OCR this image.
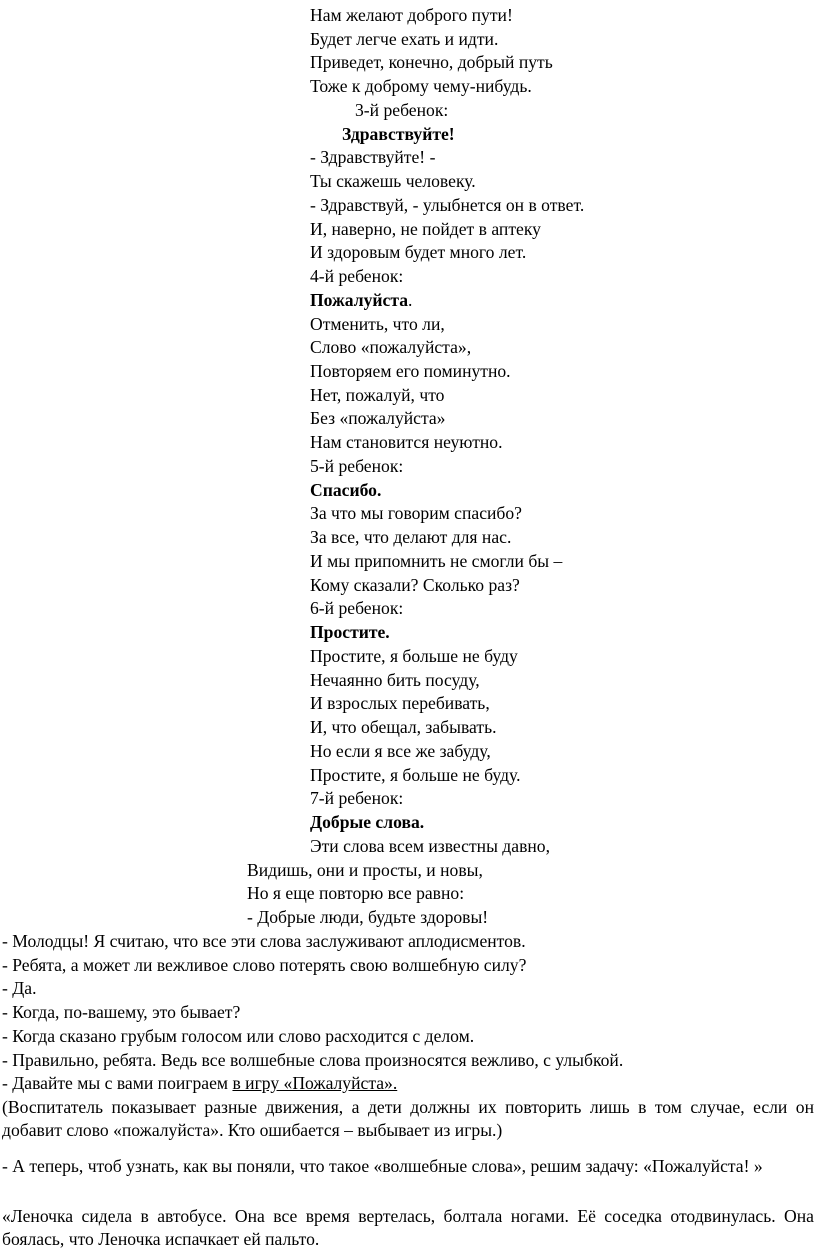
Нам желают доброго пути!

Будет легче ехать и идти.

Приведет, конечно, добрый путь

Тоже к доброму чему-нибудь.

3-й ребенок:

Здравствуйте!

- Здравствуйте! -

Ты скажешь человеку.

- Здравствуй, - улыбнется он в ответ.

И, наверно, не пойдет в аптеку

И здоровым будет много лет.

4-й ребенок:

Пожалуйста.

Отменить, что ли,

Слово «пожалуйста»,

Повторяем его поминутно.

Нет, пожалуй, что

Без «пожалуйста»

Нам становится неуютно.

5-й ребенок:

Спасибо.

За что мы говорим спасибо?

За все, что делают для нас.

И мы припомнить не смогли бы –

Кому сказали? Сколько раз?

6-й ребенок:

Простите.

Простите, я больше не буду

Нечаянно бить посуду,

И взрослых перебивать,

И, что обещал, забывать.

Но если я все же забуду,

Простите, я больше не буду.

7-й ребенок:

Добрые слова.

Эти слова всем известны давно,

Видишь, они и просты, и новы,

Но я еще повторю все равно:

- Добрые люди, будьте здоровы!

- Молодцы! Я считаю, что все эти слова заслуживают аплодисментов.

- Ребята, а может ли вежливое слово потерять свою волшебную силу?

- Да.

- Когда, по-вашему, это бывает?

- Когда сказано грубым голосом или слово расходится с делом.

- Правильно, ребята. Ведь все волшебные слова произносятся вежливо, с улыбкой.

- Давайте мы с вами поиграем в игру «Пожалуйста».

(Воспитатель показывает разные движения, а дети должны их повторить лишь в том случае, если он добавит слово «пожалуйста». Кто ошибается – выбывает из игры.)

- А теперь, чтоб узнать, как вы поняли, что такое «волшебные слова», решим задачу: «Пожалуйста! »

«Леночка сидела в автобусе. Она все время вертелась, болтала ногами. Её соседка отодвинулась. Она боялась, что Леночка испачкает ей пальто.
